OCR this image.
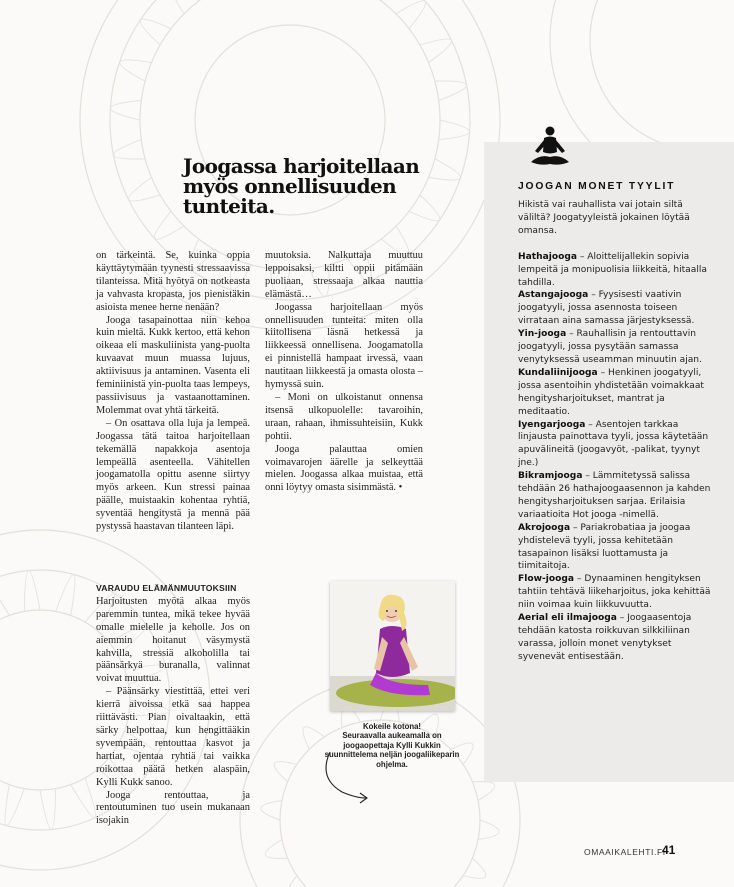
Joogassa harjoitellaan myös onnellisuuden tunteita.

on tärkeintä. Se, kuinka oppia käyttäytymään tyynesti stressaavissa tilanteissa. Mitä hyötyä on notkeasta ja vahvasta kropasta, jos pienistäkin asioista menee herne nenään?

Jooga tasapainottaa niin kehoa kuin mieltä. Kukk kertoo, että kehon oikeaa eli maskuliinista yang-puolta kuvaavat muun muassa lujuus, aktiivisuus ja antaminen. Vasenta eli feminiinistä yin-puolta taas lempeys, passiivisuus ja vastaanottaminen. Molemmat ovat yhtä tärkeitä.

– On osattava olla luja ja lempeä. Joogassa tätä taitoa harjoitellaan tekemällä napakkoja asentoja lempeällä asenteella. Vähitellen joogamatolla opittu asenne siirtyy myös arkeen. Kun stressi painaa päälle, muistaakin kohentaa ryhtiä, syventää hengitystä ja mennä pää pystyssä haastavan tilanteen läpi.

VARAUDU ELÄMÄNMUUTOKSIIN

Harjoitusten myötä alkaa myös paremmin tuntea, mikä tekee hyvää omalle mielelle ja keholle. Jos on aiemmin hoitanut väsymystä kahvilla, stressiä alkoholilla tai päänsärkyä buranalla, valinnat voivat muuttua.

– Päänsärky viestittää, ettei veri kierrä aivoissa etkä saa happea riittävästi. Pian oivaltaakin, että särky helpottaa, kun hengittääkin syvempään, rentouttaa kasvot ja hartiat, ojentaa ryhtiä tai vaikka roikottaa päätä hetken alaspäin, Kylli Kukk sanoo.

Jooga rentouttaa, ja rentoutuminen tuo usein mukanaan isojakin

muutoksia. Nalkuttaja muuttuu leppoisaksi, kiltti oppii pitämään puoliaan, stressaaja alkaa nauttia elämästä…

Joogassa harjoitellaan myös onnellisuuden tunteita: miten olla kiitollisena läsnä hetkessä ja liikkeessä onnellisena. Joogamatolla ei pinnistellä hampaat irvessä, vaan nautitaan liikkeestä ja omasta olosta – hymyssä suin.

– Moni on ulkoistanut onnensa itsensä ulkopuolelle: tavaroihin, uraan, rahaan, ihmissuhteisiin, Kukk pohtii.

Jooga palauttaa omien voimavarojen äärelle ja selkeyttää mielen. Joogassa alkaa muistaa, että onni löytyy omasta sisimmästä. •

Kokeile kotona!
Seuraavalla aukeamalla on joogaopettaja Kylli Kukkin suunnittelema neljän joogaliikeparin ohjelma.
JOOGAN MONET TYYLIT

Hikistä vai rauhallista vai jotain siltä väliltä? Joogatyyleistä jokainen löytää omansa.

Hathajooga – Aloittelijallekin sopivia lempeitä ja monipuolisia liikkeitä, hitaalla tahdilla.

Astangajooga – Fyysisesti vaativin joogatyyli, jossa asennosta toiseen virrataan aina samassa järjestyksessä.

Yin-jooga – Rauhallisin ja rentouttavin joogatyyli, jossa pysytään samassa venytyksessä useamman minuutin ajan.

Kundaliinijooga – Henkinen joogatyyli, jossa asentoihin yhdistetään voimakkaat hengitysharjoitukset, mantrat ja meditaatio.

Iyengarjooga – Asentojen tarkkaa linjausta painottava tyyli, jossa käytetään apuvälineitä (joogavyöt, -palikat, tyynyt jne.)

Bikramjooga – Lämmitetyssä salissa tehdään 26 hathajoogaasennon ja kahden hengitysharjoituksen sarjaa. Erilaisia variaatioita Hot jooga -nimellä.

Akrojooga – Pariakrobatiaa ja joogaa yhdistelevä tyyli, jossa kehitetään tasapainon lisäksi luottamusta ja tiimitaitoja.

Flow-jooga – Dynaaminen hengityksen tahtiin tehtävä liikeharjoitus, joka kehittää niin voimaa kuin liikkuvuutta.

Aerial eli ilmajooga – Joogaasentoja tehdään katosta roikkuvan silkkiliinan varassa, jolloin monet venytykset syvenevät entisestään.

OMAAIKALEHTI.FI
41
